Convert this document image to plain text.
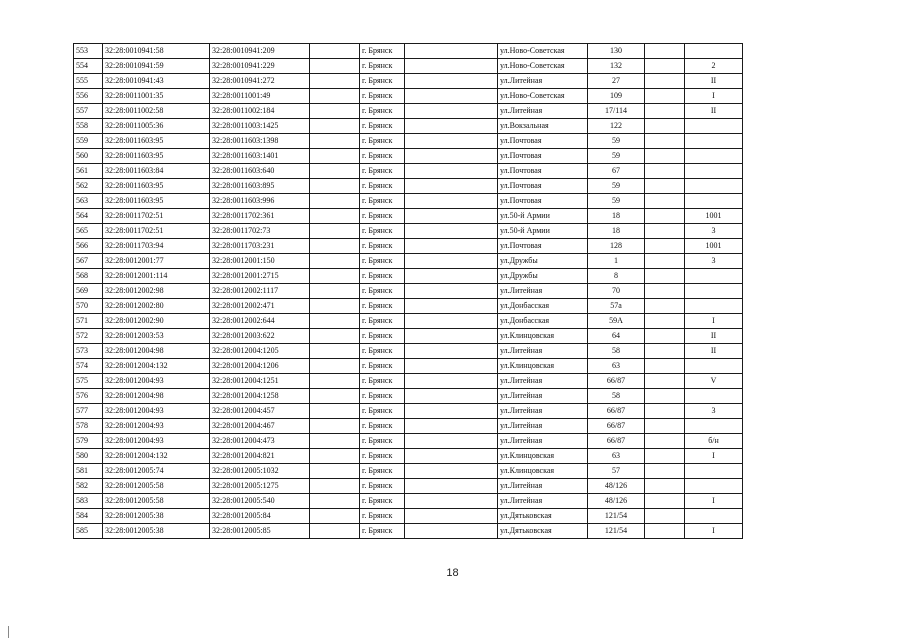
553	32:28:0010941:58	32:28:0010941:209		г. Брянск		ул.Ново-Советская	130		
554	32:28:0010941:59	32:28:0010941:229		г. Брянск		ул.Ново-Советская	132		2
555	32:28:0010941:43	32:28:0010941:272		г. Брянск		ул.Литейная	27		II
556	32:28:0011001:35	32:28:0011001:49		г. Брянск		ул.Ново-Советская	109		I
557	32:28:0011002:58	32:28:0011002:184		г. Брянск		ул.Литейная	17/114		II
558	32:28:0011005:36	32:28:0011003:1425		г. Брянск		ул.Вокзальная	122		
559	32:28:0011603:95	32:28:0011603:1398		г. Брянск		ул.Почтовая	59		
560	32:28:0011603:95	32:28:0011603:1401		г. Брянск		ул.Почтовая	59		
561	32:28:0011603:84	32:28:0011603:640		г. Брянск		ул.Почтовая	67		
562	32:28:0011603:95	32:28:0011603:895		г. Брянск		ул.Почтовая	59		
563	32:28:0011603:95	32:28:0011603:996		г. Брянск		ул.Почтовая	59		
564	32:28:0011702:51	32:28:0011702:361		г. Брянск		ул.50-й Армии	18		1001
565	32:28:0011702:51	32:28:0011702:73		г. Брянск		ул.50-й Армии	18		3
566	32:28:0011703:94	32:28:0011703:231		г. Брянск		ул.Почтовая	128		1001
567	32:28:0012001:77	32:28:0012001:150		г. Брянск		ул.Дружбы	1		3
568	32:28:0012001:114	32:28:0012001:2715		г. Брянск		ул.Дружбы	8		
569	32:28:0012002:98	32:28:0012002:1117		г. Брянск		ул.Литейная	70		
570	32:28:0012002:80	32:28:0012002:471		г. Брянск		ул.Донбасская	57а		
571	32:28:0012002:90	32:28:0012002:644		г. Брянск		ул.Донбасская	59А		I
572	32:28:0012003:53	32:28:0012003:622		г. Брянск		ул.Клинцовская	64		II
573	32:28:0012004:98	32:28:0012004:1205		г. Брянск		ул.Литейная	58		II
574	32:28:0012004:132	32:28:0012004:1206		г. Брянск		ул.Клинцовская	63		
575	32:28:0012004:93	32:28:0012004:1251		г. Брянск		ул.Литейная	66/87		V
576	32:28:0012004:98	32:28:0012004:1258		г. Брянск		ул.Литейная	58		
577	32:28:0012004:93	32:28:0012004:457		г. Брянск		ул.Литейная	66/87		3
578	32:28:0012004:93	32:28:0012004:467		г. Брянск		ул.Литейная	66/87		
579	32:28:0012004:93	32:28:0012004:473		г. Брянск		ул.Литейная	66/87		б/н
580	32:28:0012004:132	32:28:0012004:821		г. Брянск		ул.Клинцовская	63		I
581	32:28:0012005:74	32:28:0012005:1032		г. Брянск		ул.Клинцовская	57		
582	32:28:0012005:58	32:28:0012005:1275		г. Брянск		ул.Литейная	48/126		
583	32:28:0012005:58	32:28:0012005:540		г. Брянск		ул.Литейная	48/126		I
584	32:28:0012005:38	32:28:0012005:84		г. Брянск		ул.Дятьковская	121/54		
585	32:28:0012005:38	32:28:0012005:85		г. Брянск		ул.Дятьковская	121/54		I
18
